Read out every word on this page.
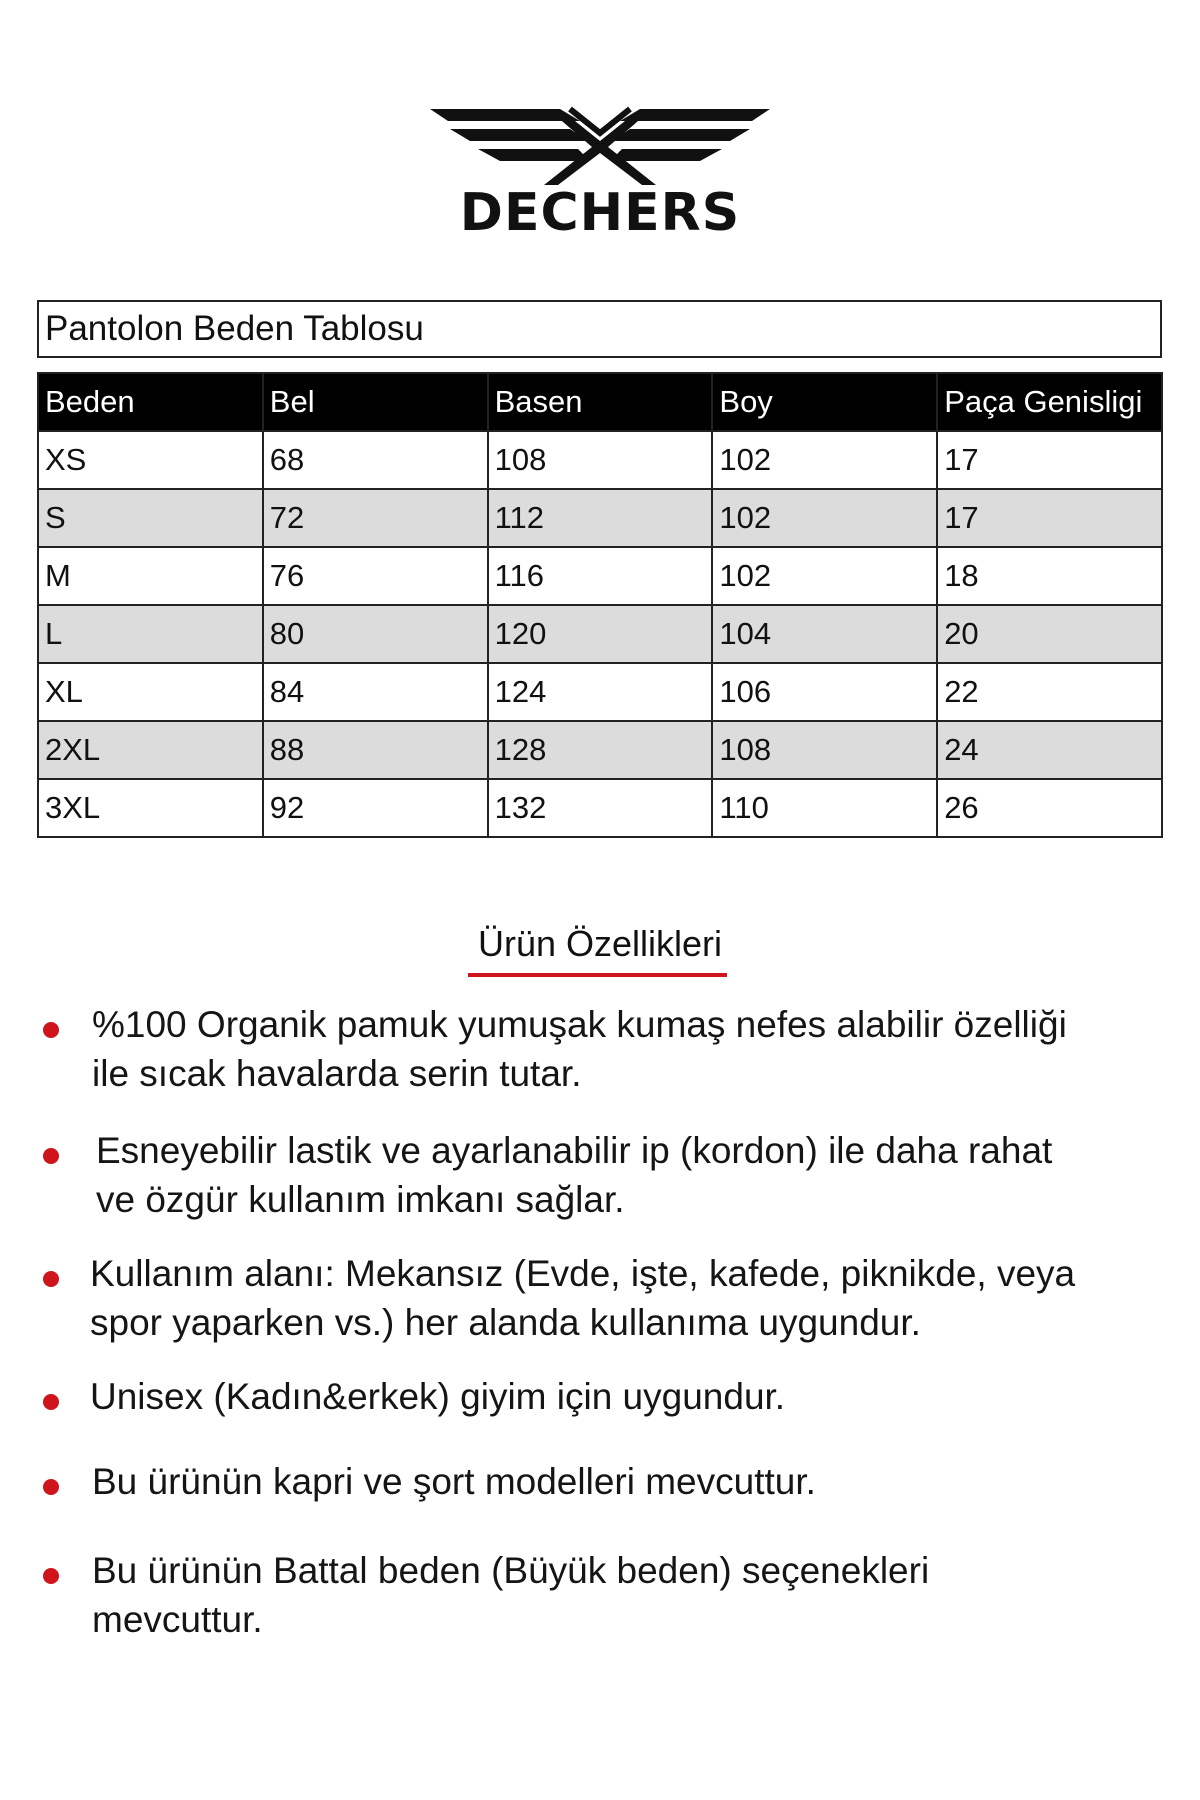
DECHERS
Pantolon Beden Tablosu
Beden	Bel	Basen	Boy	Paça Genisligi
XS	68	108	102	17
S	72	112	102	17
M	76	116	102	18
L	80	120	104	20
XL	84	124	106	22
2XL	88	128	108	24
3XL	92	132	110	26
Ürün Özellikleri
%100 Organik pamuk yumuşak kumaş nefes alabilir özelliği
ile sıcak havalarda serin tutar.
Esneyebilir lastik ve ayarlanabilir ip (kordon) ile daha rahat
ve özgür kullanım imkanı sağlar.
Kullanım alanı: Mekansız (Evde, işte, kafede, piknikde, veya
spor yaparken vs.) her alanda kullanıma uygundur.
Unisex (Kadın&erkek) giyim için uygundur.
Bu ürünün kapri ve şort modelleri mevcuttur.
Bu ürünün Battal beden (Büyük beden) seçenekleri
mevcuttur.
